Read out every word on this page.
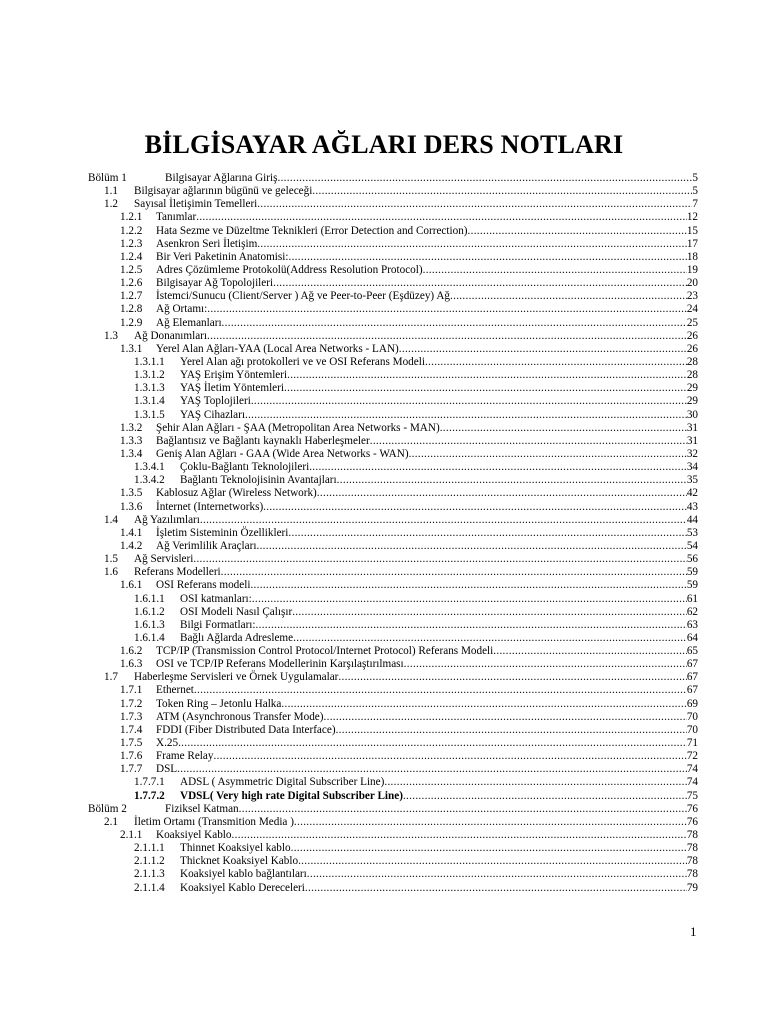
BİLGİSAYAR AĞLARI DERS NOTLARI
Bölüm 1	Bilgisayar Ağlarına Giriş .....	5
1.1 Bilgisayar ağlarının bügünü ve geleceği .....	5
1.2 Sayısal İletişimin Temelleri .....	7
1.2.1 Tanımlar .....	12
1.2.2 Hata Sezme ve Düzeltme Teknikleri (Error Detection and Correction) .....	15
1.2.3 Asenkron Seri İletişim .....	17
1.2.4 Bir Veri Paketinin Anatomisi: .....	18
1.2.5 Adres Çözümleme Protokolü(Address Resolution Protocol) .....	19
1.2.6 Bilgisayar Ağ Topolojileri .....	20
1.2.7 İstemci/Sunucu (Client/Server ) Ağ ve Peer-to-Peer (Eşdüzey) Ağ .....	23
1.2.8 Ağ Ortamı: .....	24
1.2.9 Ağ Elemanları .....	25
1.3 Ağ Donanımları .....	26
1.3.1 Yerel Alan Ağları-YAA (Local Area Networks - LAN) .....	26
1.3.1.1 Yerel Alan ağı protokolleri ve ve OSI Referans Modeli .....	28
1.3.1.2 YAŞ Erişim Yöntemleri .....	28
1.3.1.3 YAŞ İletim Yöntemleri .....	29
1.3.1.4 YAŞ Toplojileri .....	29
1.3.1.5 YAŞ Cihazları .....	30
1.3.2 Şehir Alan Ağları - ŞAA (Metropolitan Area Networks - MAN) .....	31
1.3.3 Bağlantısız ve Bağlantı kaynaklı Haberleşmeler .....	31
1.3.4 Geniş Alan Ağları - GAA (Wide Area Networks - WAN) .....	32
1.3.4.1 Çoklu-Bağlantı Teknolojileri .....	34
1.3.4.2 Bağlantı Teknolojisinin Avantajları .....	35
1.3.5 Kablosuz Ağlar (Wireless Network) .....	42
1.3.6 İnternet (Internetworks) .....	43
1.4 Ağ Yazılımları .....	44
1.4.1 İşletim Sisteminin Özellikleri .....	53
1.4.2 Ağ Verimlilik Araçları .....	54
1.5 Ağ Servisleri .....	56
1.6 Referans Modelleri .....	59
1.6.1 OSI Referans modeli .....	59
1.6.1.1 OSI katmanları: .....	61
1.6.1.2 OSI Modeli Nasıl Çalışır .....	62
1.6.1.3 Bilgi Formatları: .....	63
1.6.1.4 Bağlı Ağlarda Adresleme .....	64
1.6.2 TCP/IP (Transmission Control Protocol/Internet Protocol) Referans Modeli .....	65
1.6.3 OSI ve TCP/IP Referans Modellerinin Karşılaştırılması .....	67
1.7 Haberleşme Servisleri ve Örnek Uygulamalar .....	67
1.7.1 Ethernet .....	67
1.7.2 Token Ring – Jetonlu Halka .....	69
1.7.3 ATM (Asynchronous Transfer Mode) .....	70
1.7.4 FDDI (Fiber Distributed Data Interface) .....	70
1.7.5 X.25 .....	71
1.7.6 Frame Relay .....	72
1.7.7 DSL .....	74
1.7.7.1 ADSL ( Asymmetric Digital Subscriber Line) .....	74
1.7.7.2 VDSL( Very high rate Digital Subscriber Line) .....	75
Bölüm 2	Fiziksel Katman .....	76
2.1 İletim Ortamı (Transmition Media ) .....	76
2.1.1 Koaksiyel Kablo .....	78
2.1.1.1 Thinnet Koaksiyel kablo .....	78
2.1.1.2 Thicknet Koaksiyel Kablo .....	78
2.1.1.3 Koaksiyel kablo bağlantıları .....	78
2.1.1.4 Koaksiyel Kablo Dereceleri .....	79
1
